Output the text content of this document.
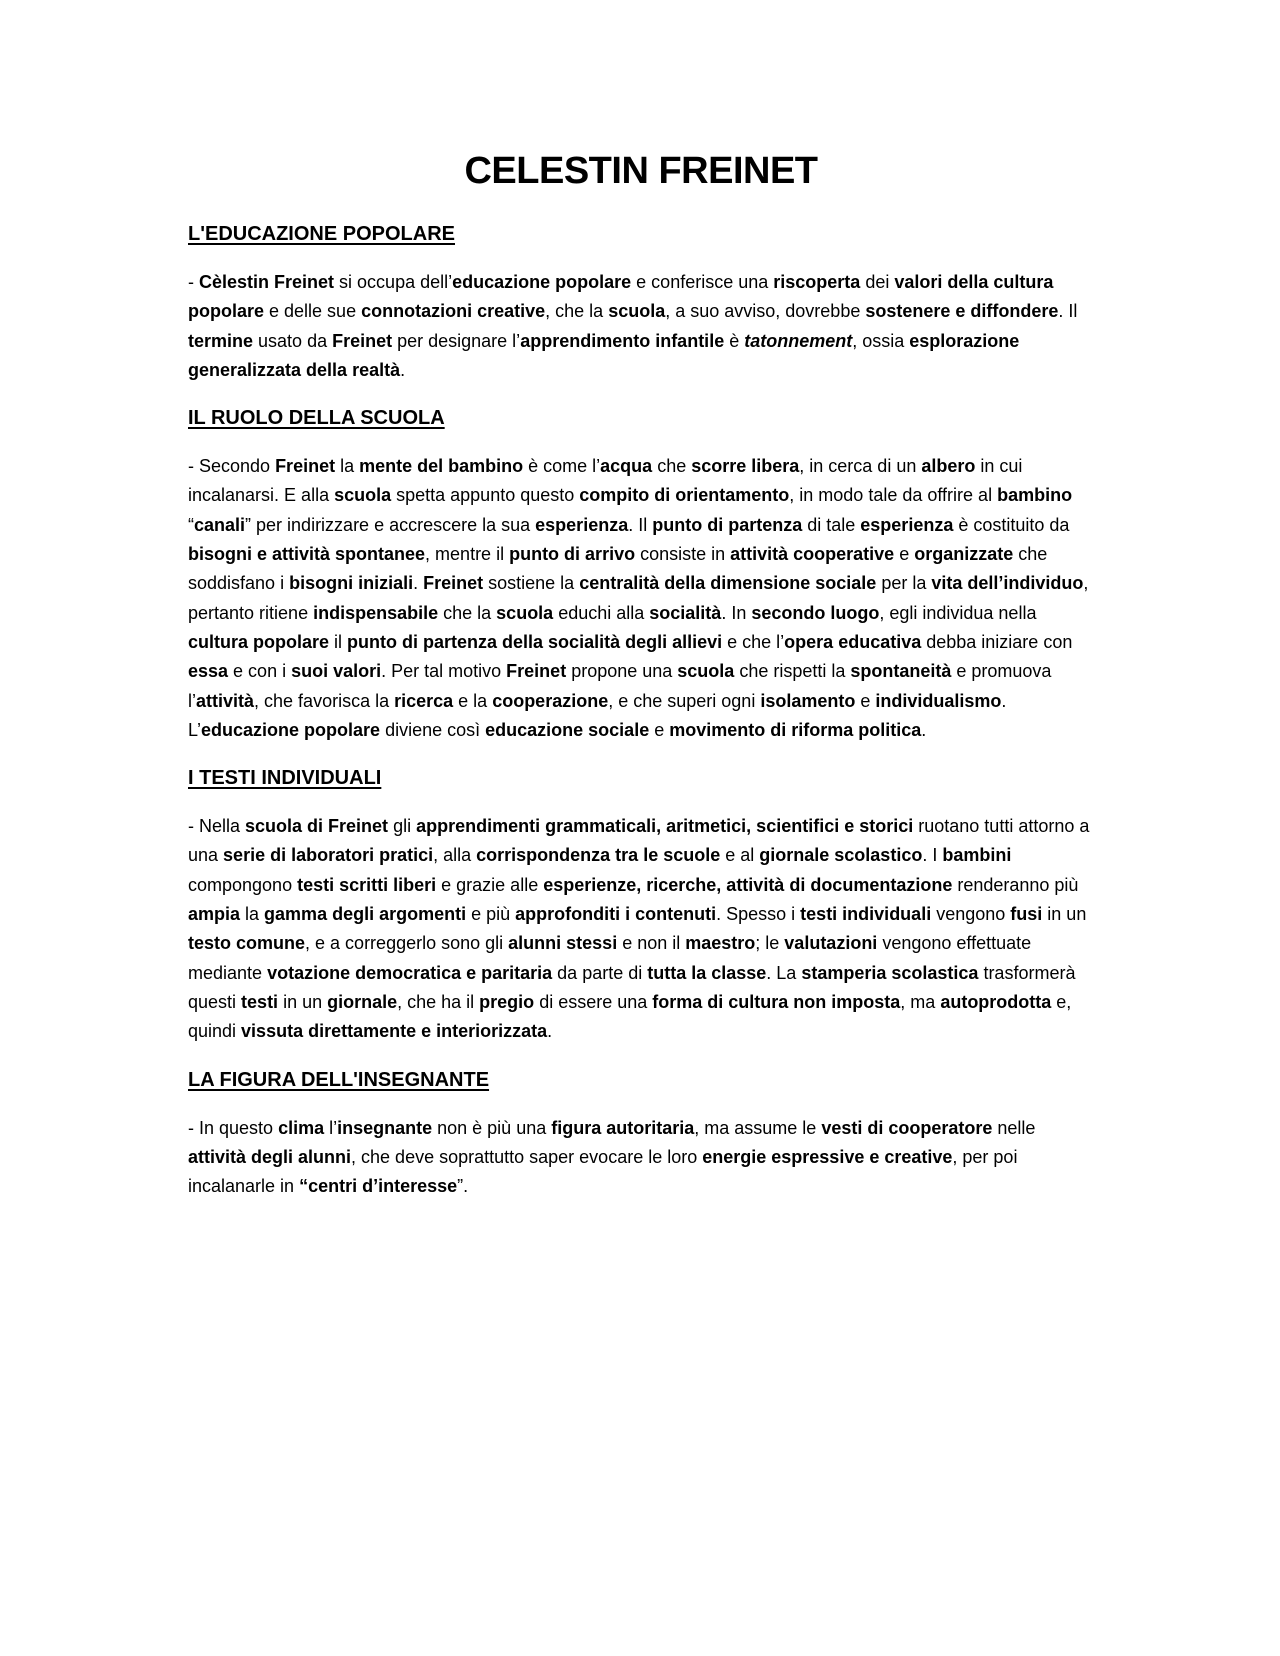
CELESTIN FREINET
L'EDUCAZIONE POPOLARE

- Cèlestin Freinet si occupa dell’educazione popolare e conferisce una riscoperta dei valori della cultura popolare e delle sue connotazioni creative, che la scuola, a suo avviso, dovrebbe sostenere e diffondere. Il termine usato da Freinet per designare l’apprendimento infantile è tatonnement, ossia esplorazione generalizzata della realtà.

IL RUOLO DELLA SCUOLA

- Secondo Freinet la mente del bambino è come l’acqua che scorre libera, in cerca di un albero in cui incalanarsi. E alla scuola spetta appunto questo compito di orientamento, in modo tale da offrire al bambino “canali” per indirizzare e accrescere la sua esperienza. Il punto di partenza di tale esperienza è costituito da bisogni e attività spontanee, mentre il punto di arrivo consiste in attività cooperative e organizzate che soddisfano i bisogni iniziali. Freinet sostiene la centralità della dimensione sociale per la vita dell’individuo, pertanto ritiene indispensabile che la scuola educhi alla socialità. In secondo luogo, egli individua nella cultura popolare il punto di partenza della socialità degli allievi e che l’opera educativa debba iniziare con essa e con i suoi valori. Per tal motivo Freinet propone una scuola che rispetti la spontaneità e promuova l’attività, che favorisca la ricerca e la cooperazione, e che superi ogni isolamento e individualismo. L’educazione popolare diviene così educazione sociale e movimento di riforma politica.

I TESTI INDIVIDUALI

- Nella scuola di Freinet gli apprendimenti grammaticali, aritmetici, scientifici e storici ruotano tutti attorno a una serie di laboratori pratici, alla corrispondenza tra le scuole e al giornale scolastico. I bambini compongono testi scritti liberi e grazie alle esperienze, ricerche, attività di documentazione renderanno più ampia la gamma degli argomenti e più approfonditi i contenuti. Spesso i testi individuali vengono fusi in un testo comune, e a correggerlo sono gli alunni stessi e non il maestro; le valutazioni vengono effettuate mediante votazione democratica e paritaria da parte di tutta la classe. La stamperia scolastica trasformerà questi testi in un giornale, che ha il pregio di essere una forma di cultura non imposta, ma autoprodotta e, quindi vissuta direttamente e interiorizzata.

LA FIGURA DELL'INSEGNANTE

- In questo clima l’insegnante non è più una figura autoritaria, ma assume le vesti di cooperatore nelle attività degli alunni, che deve soprattutto saper evocare le loro energie espressive e creative, per poi incalanarle in “centri d’interesse”.
